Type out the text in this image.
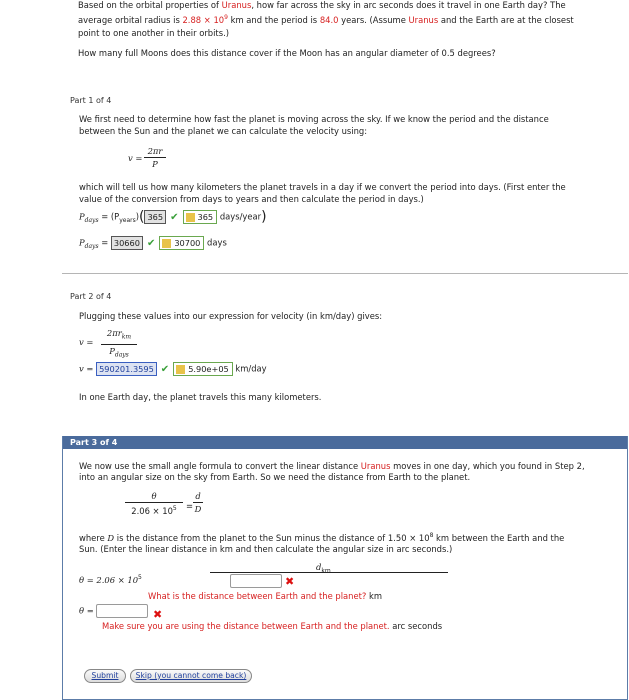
Based on the orbital properties of Uranus, how far across the sky in arc seconds does it travel in one Earth day? The
average orbital radius is $2.88 \times 10^9$ km and the period is 84.0 years. (Assume Uranus and the Earth are at the closest
point to one another in their orbits.)
How many full Moons does this distance cover if the Moon has an angular diameter of 0.5 degrees?
Part 1 of 4
We first need to determine how fast the planet is moving across the sky. If we know the period and the distance
between the Sun and the planet we can calculate the velocity using:
v =
2πr
P
which will tell us how many kilometers the planet travels in a day if we convert the period into days. (First enter the
value of the conversion from days to years and then calculate the period in days.)
$P_{days} = (P_{years})$( 365 ✔ 365 days/year)
$P_{days} = 30660$ ✔ 30700 days
Part 2 of 4
Plugging these values into our expression for velocity (in km/day) gives:
v =
$2\pi r_{km}$
$P_{days}$
v = 590201.3595 ✔ 5.90e+05 km/day
In one Earth day, the planet travels this many kilometers.
Part 3 of 4
We now use the small angle formula to convert the linear distance Uranus moves in one day, which you found in Step 2,
into an angular size on the sky from Earth. So we need the distance from Earth to the planet.
θ
$2.06 \times 10^5$	=
d
D
where D is the distance from the planet to the Sun minus the distance of $1.50 \times 10^8$ km between the Earth and the
Sun. (Enter the linear distance in km and then calculate the angular size in arc seconds.)
$\theta = 2.06 \times 10^5$
d
✖
What is the distance between Earth and the planet? km
θ =	✖
Make sure you are using the distance between Earth and the planet. arc seconds
Submit	Skip (you cannot come back)
